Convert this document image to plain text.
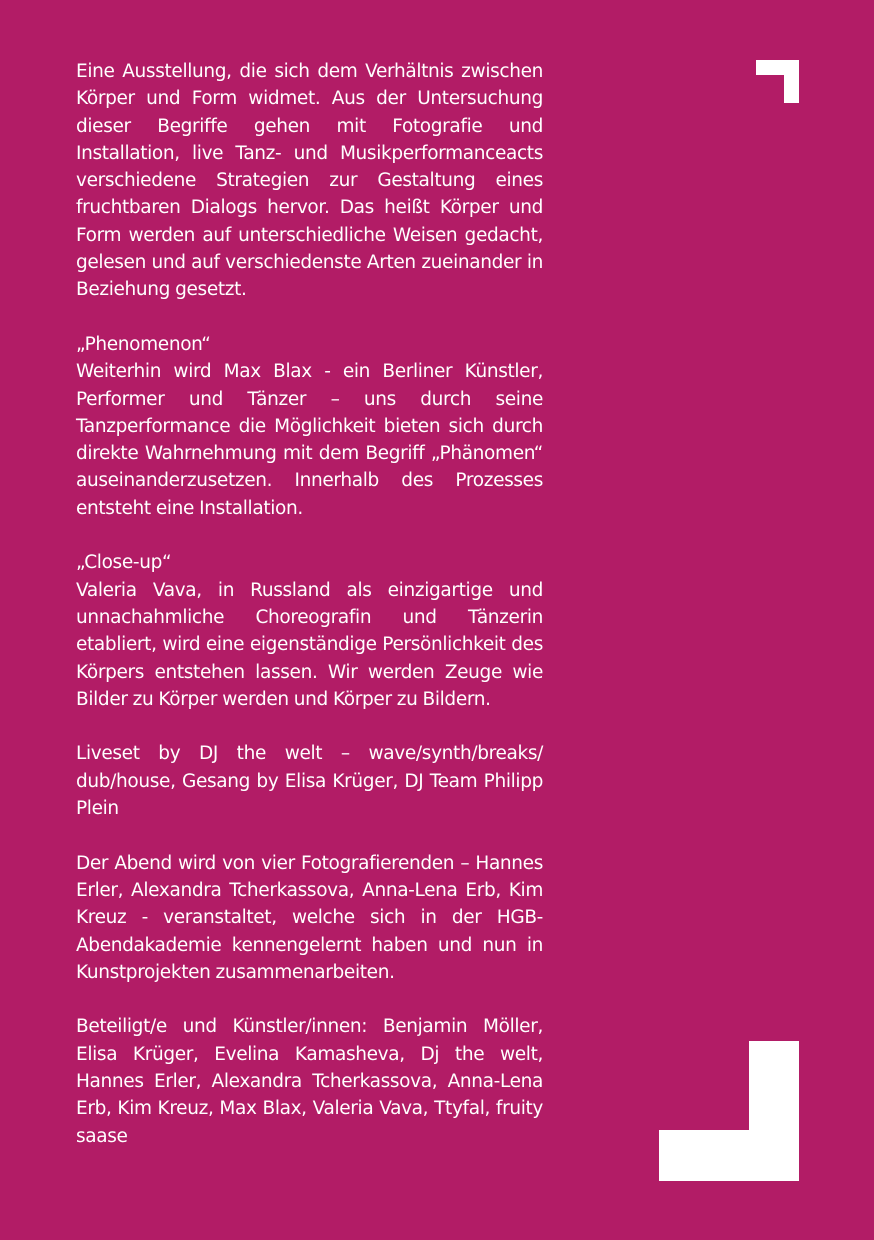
Eine Ausstellung, die sich dem Verhältnis zwischen Körper und Form widmet. Aus der Untersuchung dieser Begriffe gehen mit Fotografie und Installation, live Tanz- und Musikperformanceacts verschiedene Strategien zur Gestaltung eines fruchtbaren Dialogs hervor. Das heißt Körper und Form werden auf unterschiedliche Weisen gedacht, gelesen und auf verschiedenste Arten zueinander in Beziehung gesetzt.

„Phenomenon“
Weiterhin wird Max Blax - ein Berliner Künstler, Performer und Tänzer – uns durch seine Tanzperformance die Möglichkeit bieten sich durch direkte Wahrnehmung mit dem Begriff „Phänomen“ auseinanderzusetzen. Innerhalb des Prozesses entsteht eine Installation.

„Close-up“
Valeria Vava, in Russland als einzigartige und unnachahmliche Choreografin und Tänzerin etabliert, wird eine eigenständige Persönlichkeit des Körpers entstehen lassen. Wir werden Zeuge wie Bilder zu Körper werden und Körper zu Bildern.

Liveset by DJ the welt – wave/synth/breaks/ dub/house, Gesang by Elisa Krüger, DJ Team Philipp Plein

Der Abend wird von vier Fotografierenden – Hannes Erler, Alexandra Tcherkassova, Anna-Lena Erb, Kim Kreuz - veranstaltet, welche sich in der HGB-Abendakademie kennengelernt haben und nun in Kunstprojekten zusammenarbeiten.

Beteiligt/e und Künstler/innen: Benjamin Möller, Elisa Krüger, Evelina Kamasheva, Dj the welt, Hannes Erler, Alexandra Tcherkassova, Anna-Lena Erb, Kim Kreuz, Max Blax, Valeria Vava, Ttyfal, fruity saase
